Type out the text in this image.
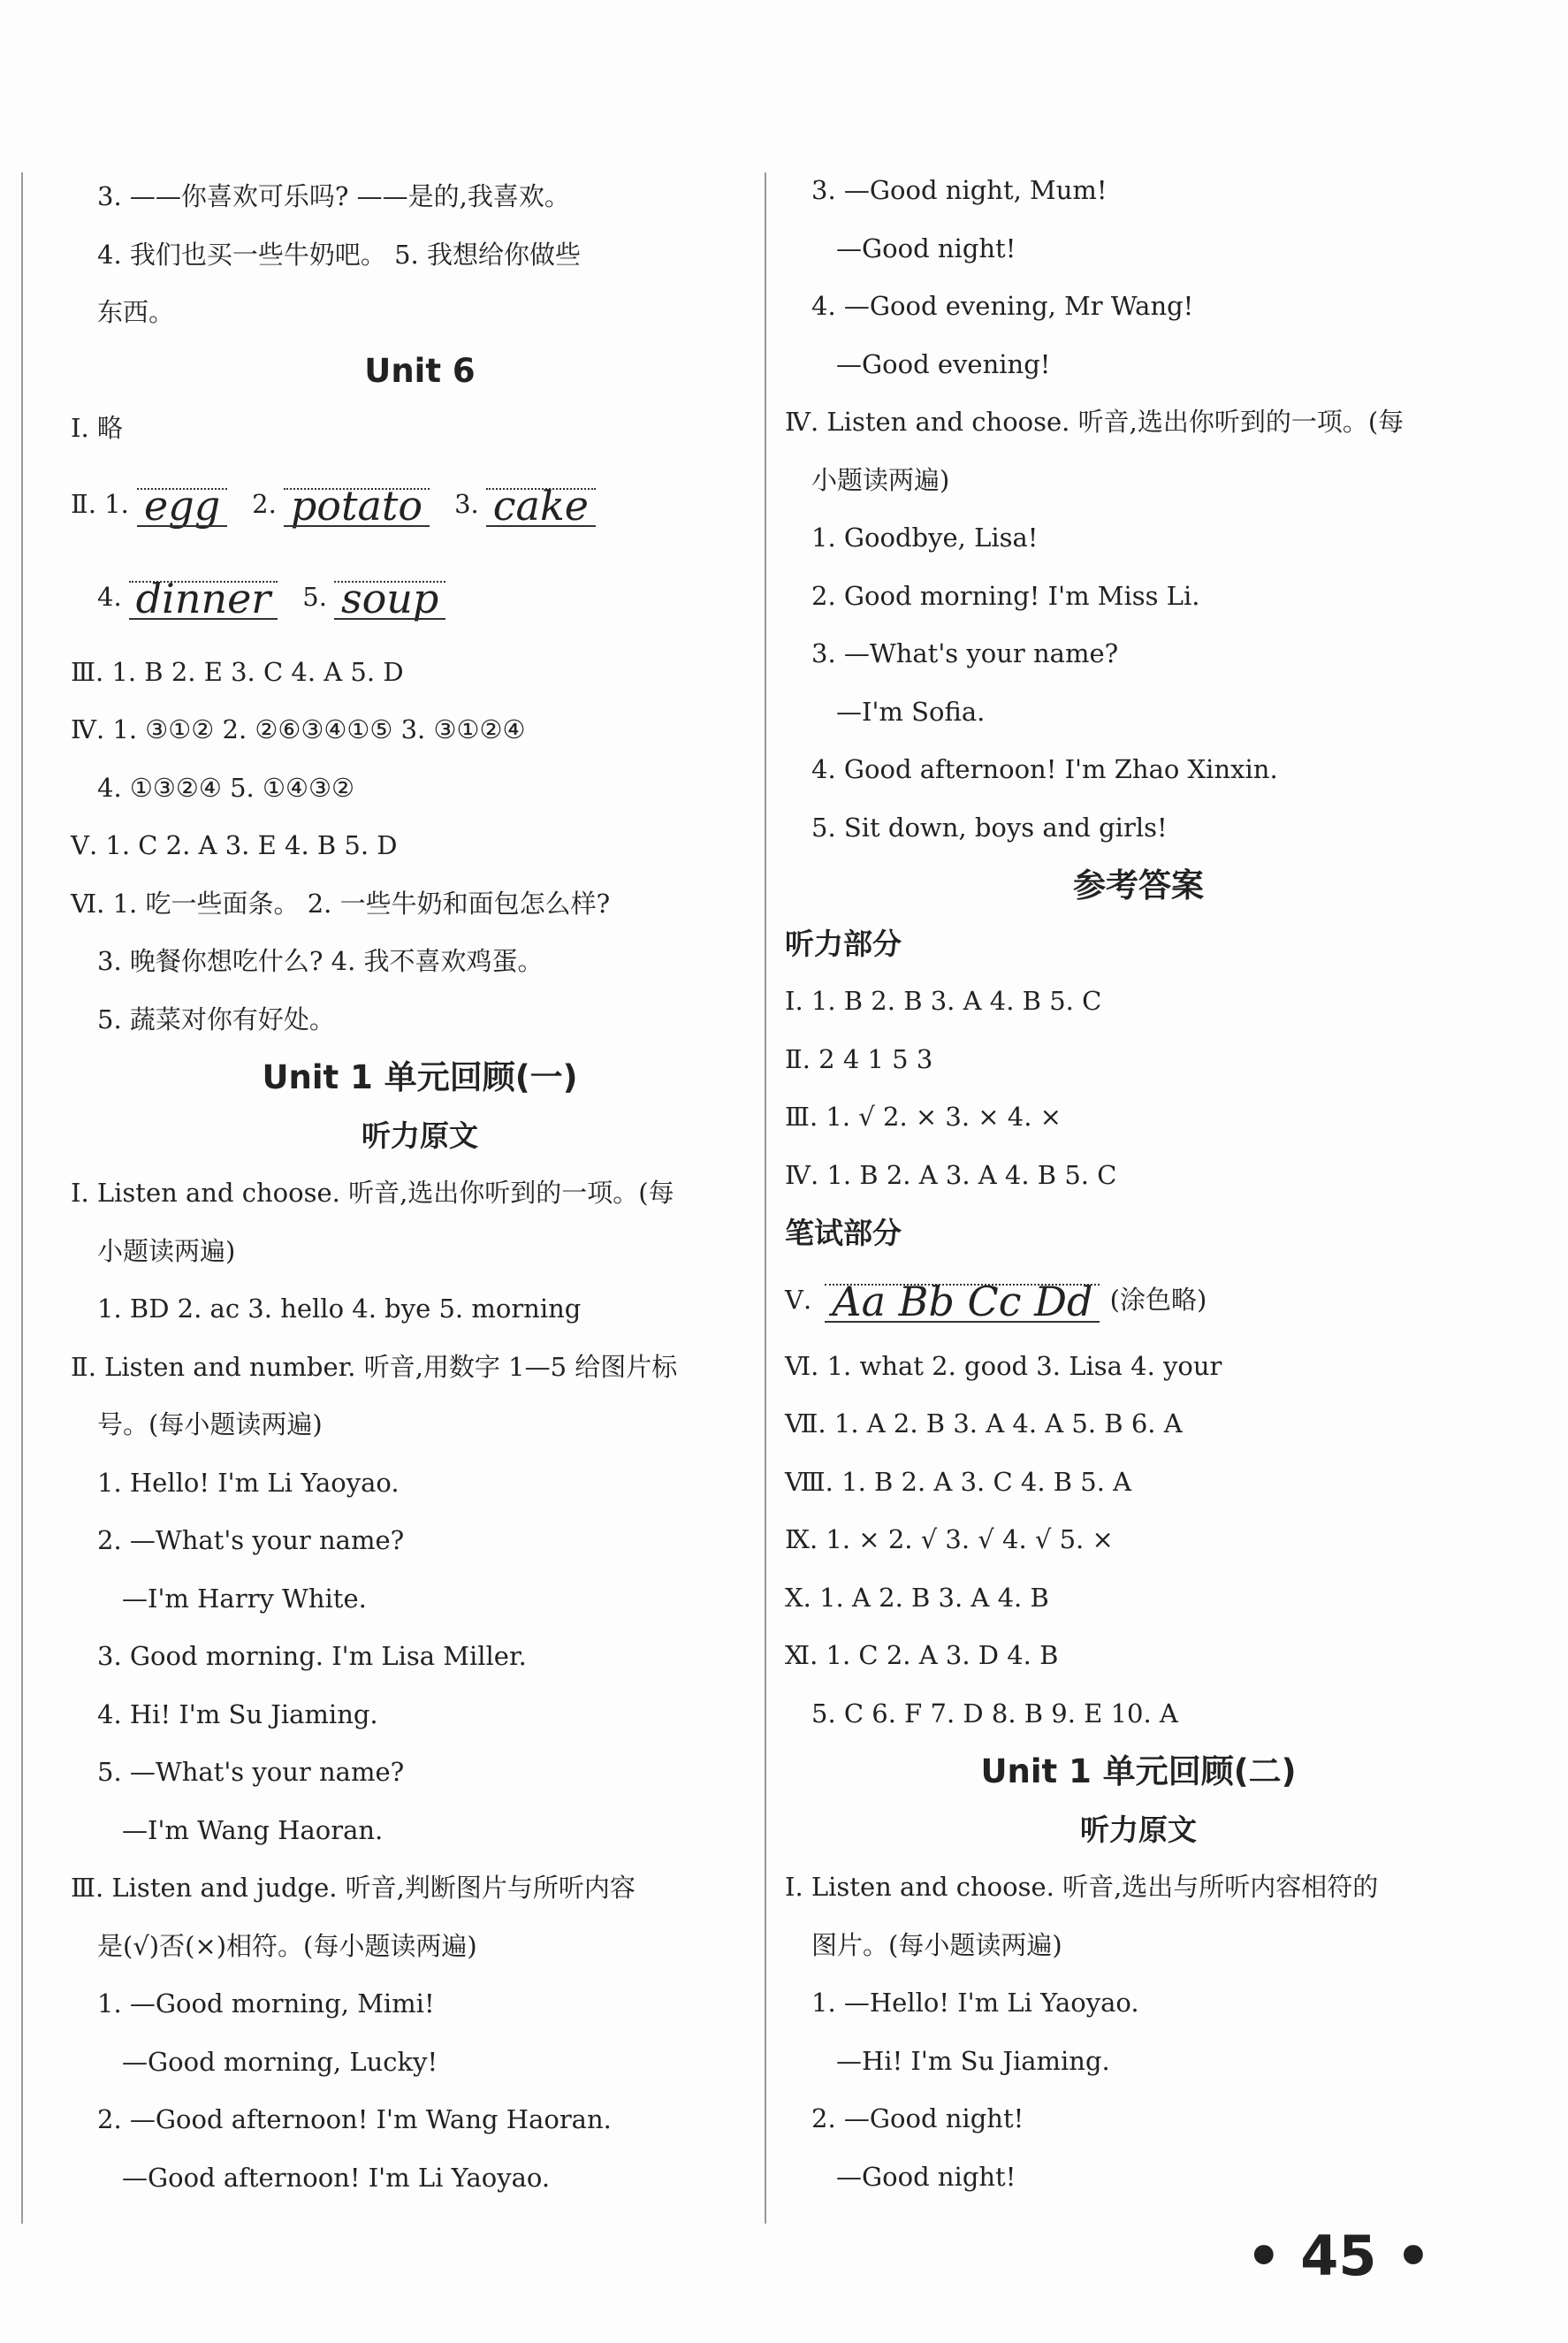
3. ——你喜欢可乐吗? ——是的,我喜欢。
4. 我们也买一些牛奶吧。 5. 我想给你做些
东西。
Unit 6
Ⅰ. 略
Ⅱ. 1. egg 2. potato 3. cake
4. dinner 5. soup
Ⅲ. 1. B 2. E 3. C 4. A 5. D
Ⅳ. 1. ③①② 2. ②⑥③④①⑤ 3. ③①②④
4. ①③②④ 5. ①④③②
Ⅴ. 1. C 2. A 3. E 4. B 5. D
Ⅵ. 1. 吃一些面条。 2. 一些牛奶和面包怎么样?
3. 晚餐你想吃什么? 4. 我不喜欢鸡蛋。
5. 蔬菜对你有好处。
Unit 1 单元回顾(一)
听力原文
Ⅰ. Listen and choose. 听音,选出你听到的一项。(每
小题读两遍)
1. BD 2. ac 3. hello 4. bye 5. morning
Ⅱ. Listen and number. 听音,用数字 1—5 给图片标
号。(每小题读两遍)
1. Hello! I'm Li Yaoyao.
2. —What's your name?
—I'm Harry White.
3. Good morning. I'm Lisa Miller.
4. Hi! I'm Su Jiaming.
5. —What's your name?
—I'm Wang Haoran.
Ⅲ. Listen and judge. 听音,判断图片与所听内容
是(√)否(×)相符。(每小题读两遍)
1. —Good morning, Mimi!
—Good morning, Lucky!
2. —Good afternoon! I'm Wang Haoran.
—Good afternoon! I'm Li Yaoyao.
3. —Good night, Mum!
—Good night!
4. —Good evening, Mr Wang!
—Good evening!
Ⅳ. Listen and choose. 听音,选出你听到的一项。(每
小题读两遍)
1. Goodbye, Lisa!
2. Good morning! I'm Miss Li.
3. —What's your name?
—I'm Sofia.
4. Good afternoon! I'm Zhao Xinxin.
5. Sit down, boys and girls!
参考答案
听力部分
Ⅰ. 1. B 2. B 3. A 4. B 5. C
Ⅱ. 2 4 1 5 3
Ⅲ. 1. √ 2. × 3. × 4. ×
Ⅳ. 1. B 2. A 3. A 4. B 5. C
笔试部分
Ⅴ. Aa Bb Cc Dd (涂色略)
Ⅵ. 1. what 2. good 3. Lisa 4. your
Ⅶ. 1. A 2. B 3. A 4. A 5. B 6. A
Ⅷ. 1. B 2. A 3. C 4. B 5. A
Ⅸ. 1. × 2. √ 3. √ 4. √ 5. ×
Ⅹ. 1. A 2. B 3. A 4. B
Ⅺ. 1. C 2. A 3. D 4. B
5. C 6. F 7. D 8. B 9. E 10. A
Unit 1 单元回顾(二)
听力原文
Ⅰ. Listen and choose. 听音,选出与所听内容相符的
图片。(每小题读两遍)
1. —Hello! I'm Li Yaoyao.
—Hi! I'm Su Jiaming.
2. —Good night!
—Good night!
• 45 •
